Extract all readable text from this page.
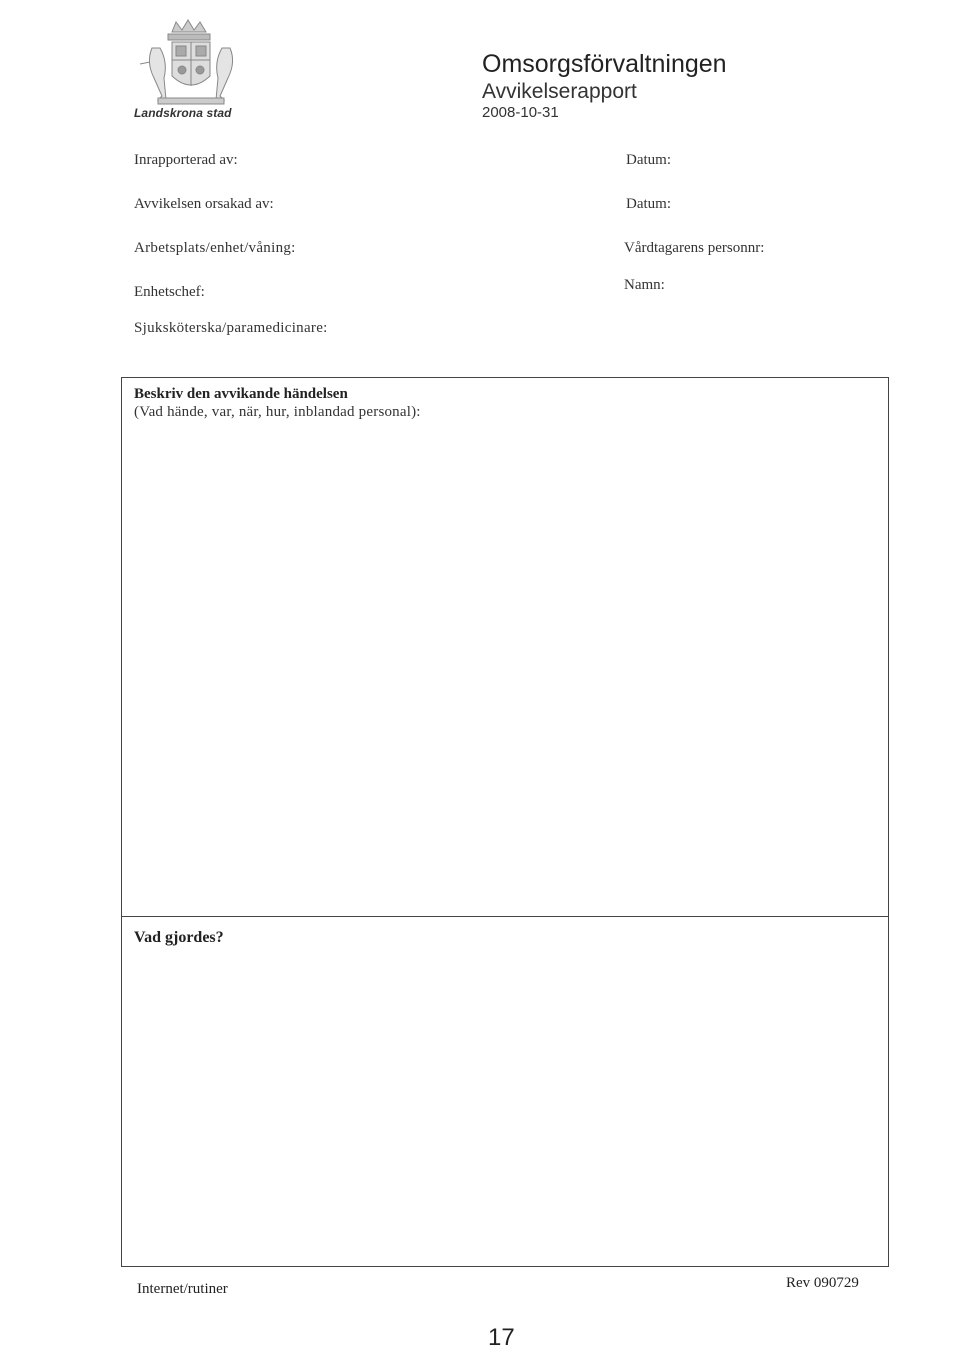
Landskrona stad
Omsorgsförvaltningen
Avvikelserapport
2008-10-31
Inrapporterad av:	Datum:
Avvikelsen orsakad av:	Datum:
Arbetsplats/enhet/våning:	Vårdtagarens personnr:
Enhetschef:	Namn:
Sjuksköterska/paramedicinare:
Beskriv den avvikande händelsen
(Vad hände, var, när, hur, inblandad personal):
Vad gjordes?
Internet/rutiner	Rev 090729
17
